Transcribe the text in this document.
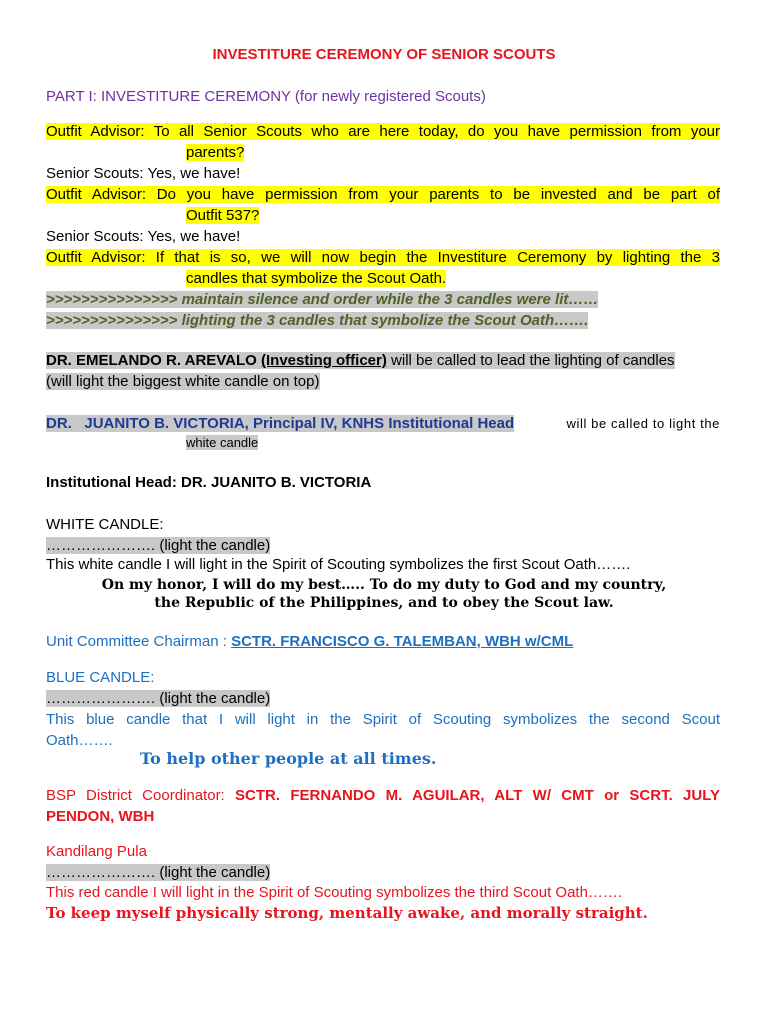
INVESTITURE CEREMONY OF SENIOR SCOUTS
PART I: INVESTITURE CEREMONY (for newly registered Scouts)
Outfit Advisor: To all Senior Scouts who are here today, do you have permission from your
parents?
Senior Scouts: Yes, we have!
Outfit Advisor: Do you have permission from your parents to be invested and be part of
Outfit 537?
Senior Scouts: Yes, we have!
Outfit Advisor: If that is so, we will now begin the Investiture Ceremony by lighting the 3
candles that symbolize the Scout Oath.
>>>>>>>>>>>>>>> maintain silence and order while the 3 candles were lit……
>>>>>>>>>>>>>>> lighting the 3 candles that symbolize the Scout Oath…….
DR. EMELANDO R. AREVALO (Investing officer) will be called to lead the lighting of candles
(will light the biggest white candle on top)
DR. JUANITO B. VICTORIA, Principal IV, KNHS Institutional Head	will be called to light the
white candle
Institutional Head: DR. JUANITO B. VICTORIA
WHITE CANDLE:
…………………. (light the candle)
This white candle I will light in the Spirit of Scouting symbolizes the first Scout Oath…….
On my honor, I will do my best….. To do my duty to God and my country,
the Republic of the Philippines, and to obey the Scout law.
Unit Committee Chairman : SCTR. FRANCISCO G. TALEMBAN, WBH w/CML
BLUE CANDLE:
…………………. (light the candle)
This blue candle that I will light in the Spirit of Scouting symbolizes the second Scout
Oath…….
To help other people at all times.
BSP District Coordinator: SCTR. FERNANDO M. AGUILAR, ALT W/ CMT or SCRT. JULY
PENDON, WBH
Kandilang Pula
…………………. (light the candle)
This red candle I will light in the Spirit of Scouting symbolizes the third Scout Oath…….
To keep myself physically strong, mentally awake, and morally straight.
